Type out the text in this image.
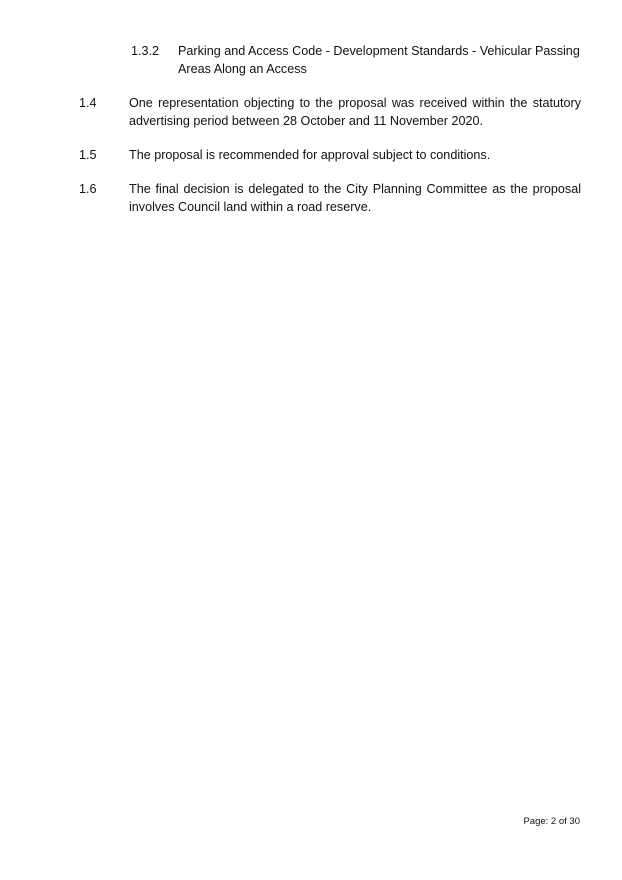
1.3.2 Parking and Access Code - Development Standards - Vehicular Passing Areas Along an Access

1.4	One representation objecting to the proposal was received within the statutory advertising period between 28 October and 11 November 2020.

1.5	The proposal is recommended for approval subject to conditions.

1.6	The final decision is delegated to the City Planning Committee as the proposal involves Council land within a road reserve.

Page: 2 of 30
